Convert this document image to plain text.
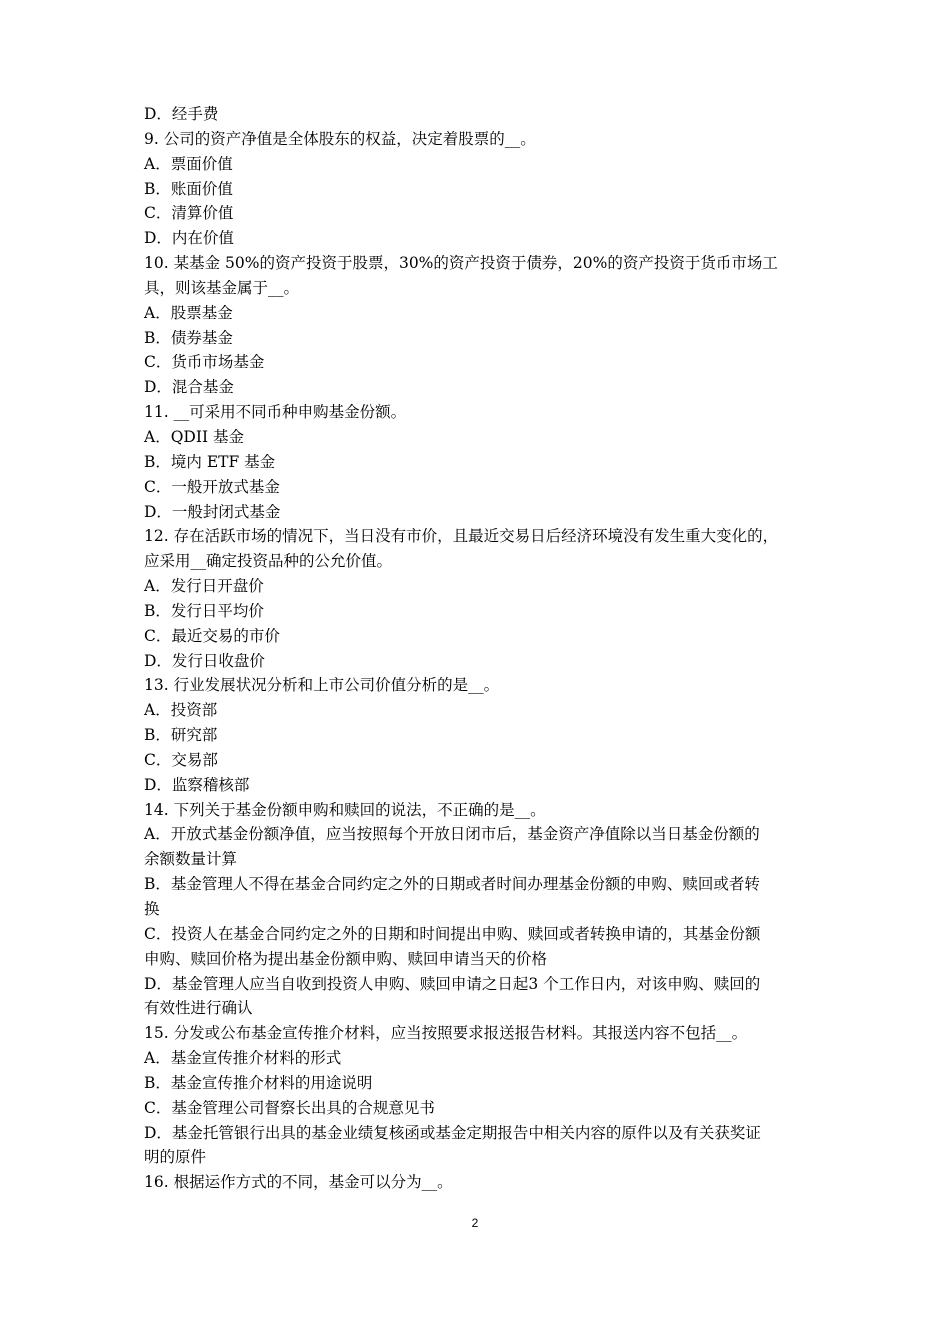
D．经手费
9. 公司的资产净值是全体股东的权益，决定着股票的__。
A．票面价值
B．账面价值
C．清算价值
D．内在价值
10. 某基金 50%的资产投资于股票，30%的资产投资于债券，20%的资产投资于货币市场工
具，则该基金属于__。
A．股票基金
B．债券基金
C．货币市场基金
D．混合基金
11. __可采用不同币种申购基金份额。
A．QDII 基金
B．境内 ETF 基金
C．一般开放式基金
D．一般封闭式基金
12. 存在活跃市场的情况下，当日没有市价，且最近交易日后经济环境没有发生重大变化的，
应采用__确定投资品种的公允价值。
A．发行日开盘价
B．发行日平均价
C．最近交易的市价
D．发行日收盘价
13. 行业发展状况分析和上市公司价值分析的是__。
A．投资部
B．研究部
C．交易部
D．监察稽核部
14. 下列关于基金份额申购和赎回的说法，不正确的是__。
A．开放式基金份额净值，应当按照每个开放日闭市后，基金资产净值除以当日基金份额的
余额数量计算
B．基金管理人不得在基金合同约定之外的日期或者时间办理基金份额的申购、赎回或者转
换
C．投资人在基金合同约定之外的日期和时间提出申购、赎回或者转换申请的，其基金份额
申购、赎回价格为提出基金份额申购、赎回申请当天的价格
D．基金管理人应当自收到投资人申购、赎回申请之日起3 个工作日内，对该申购、赎回的
有效性进行确认
15. 分发或公布基金宣传推介材料，应当按照要求报送报告材料。其报送内容不包括__。
A．基金宣传推介材料的形式
B．基金宣传推介材料的用途说明
C．基金管理公司督察长出具的合规意见书
D．基金托管银行出具的基金业绩复核函或基金定期报告中相关内容的原件以及有关获奖证
明的原件
16. 根据运作方式的不同，基金可以分为__。
2
